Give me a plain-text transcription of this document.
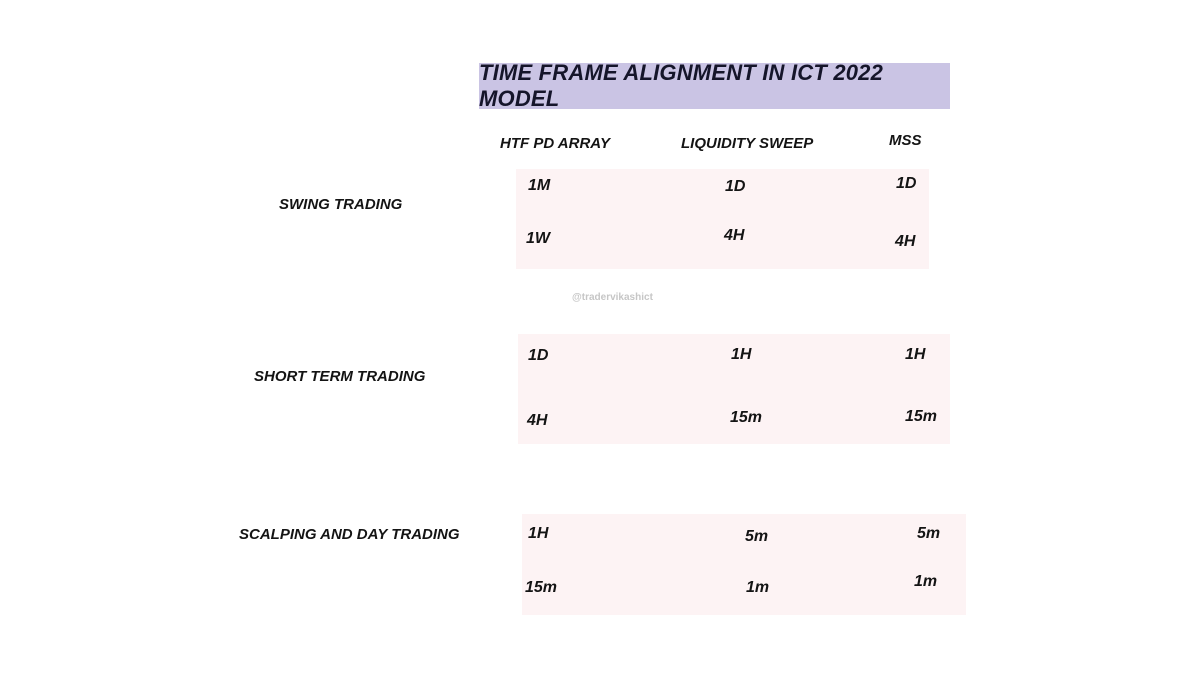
TIME FRAME ALIGNMENT IN ICT 2022 MODEL
HTF PD ARRAY	LIQUIDITY SWEEP	MSS
SWING TRADING
1M	1D	1D
1W	4H	4H
@tradervikashict
SHORT TERM TRADING
1D	1H	1H
4H	15m	15m
SCALPING AND DAY TRADING	1H	5m	5m
15m	1m	1m
